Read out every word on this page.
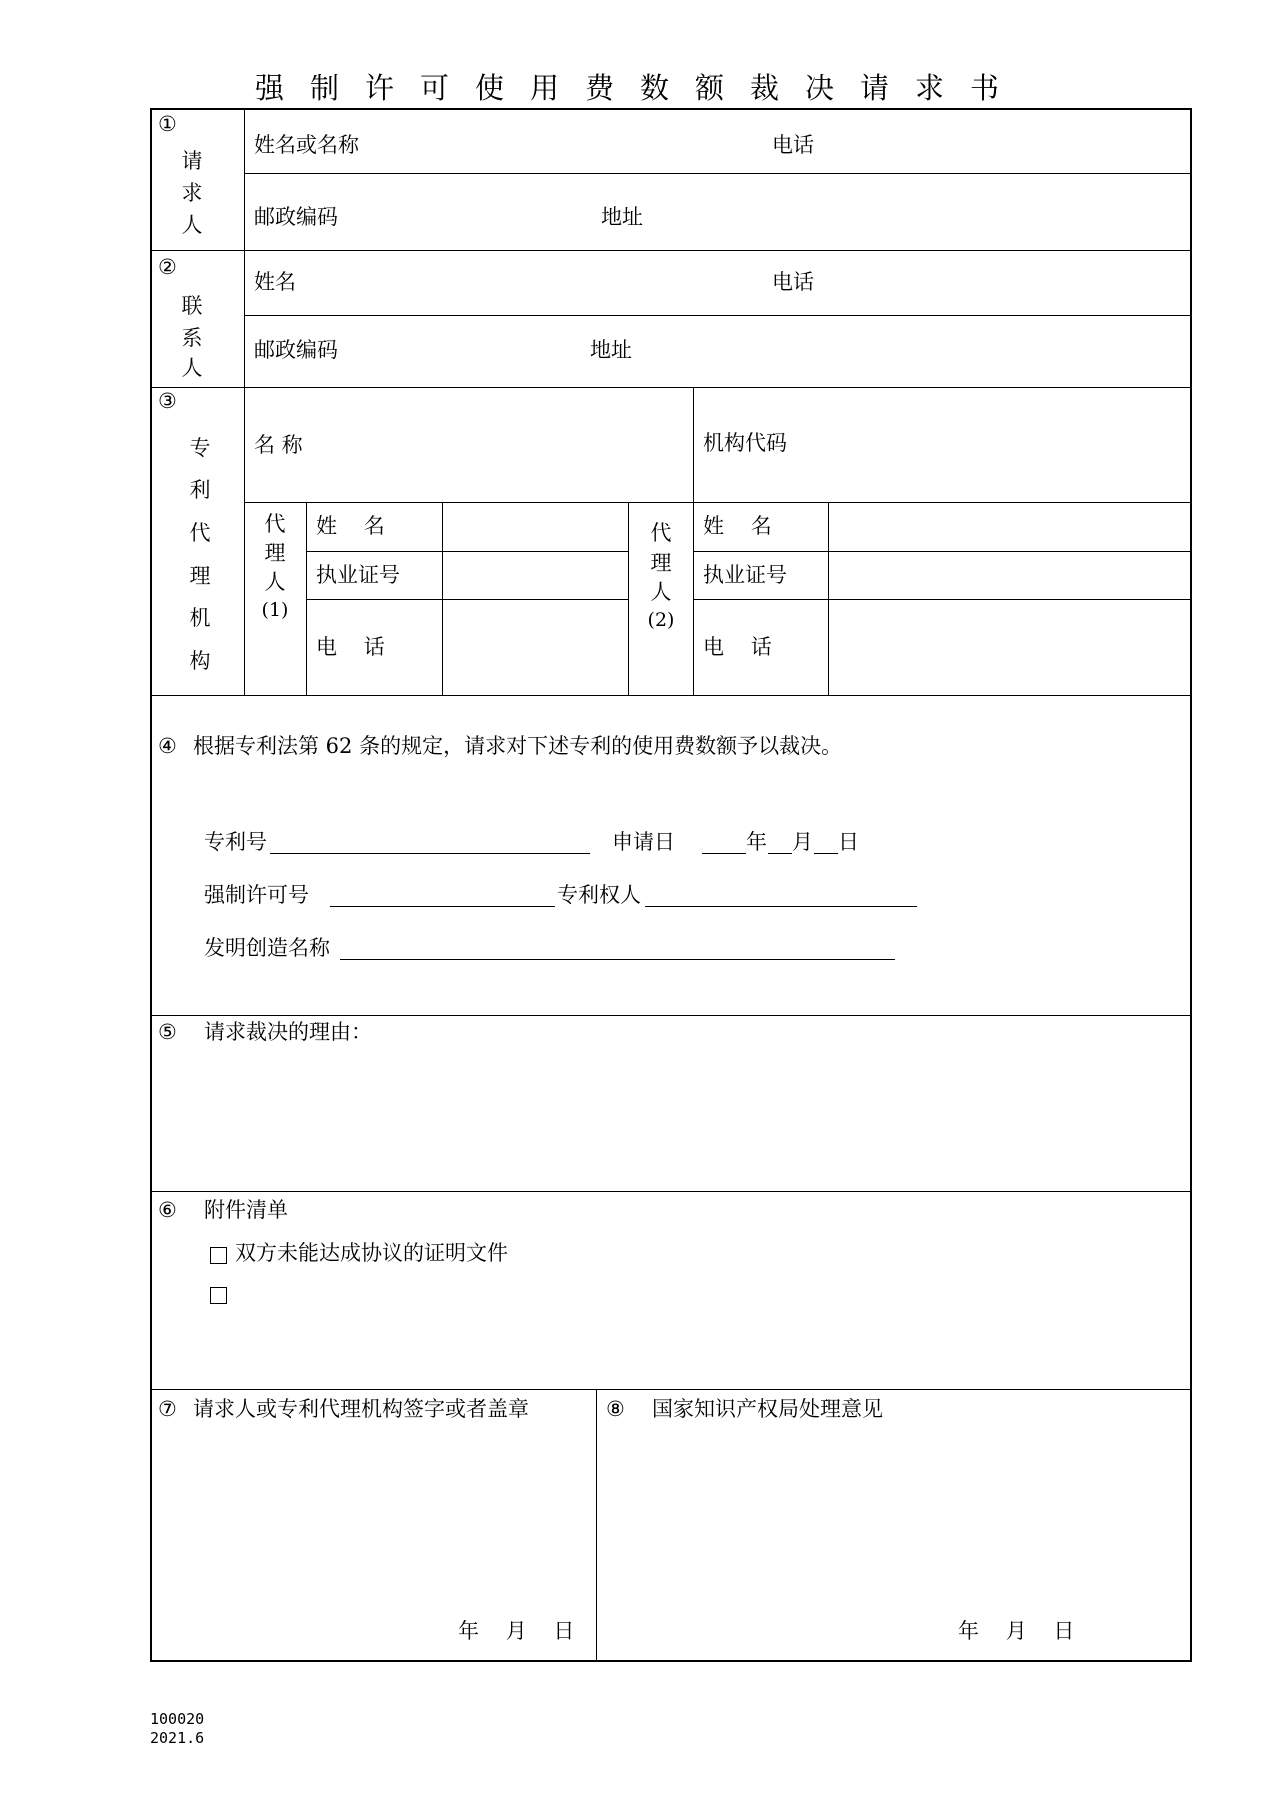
强制许可使用费数额裁决请求书
①
请
求
人
姓名或名称	电话
邮政编码	地址
②
联
系
人
姓名	电话
邮政编码	地址
③
专
利
代
理
机
构
名 称	机构代码
代
理
人
(1)
姓    名
执业证号
电    话
代
理
人
(2)
姓    名
执业证号
电    话
④ 根据专利法第 62 条的规定，请求对下述专利的使用费数额予以裁决。
专利号	申请日	年 月 日
强制许可号	专利权人
发明创造名称
⑤ 请求裁决的理由：
⑥ 附件清单
双方未能达成协议的证明文件
⑦ 请求人或专利代理机构签字或者盖章
年    月    日
⑧ 国家知识产权局处理意见
年    月    日
100020
2021.6
